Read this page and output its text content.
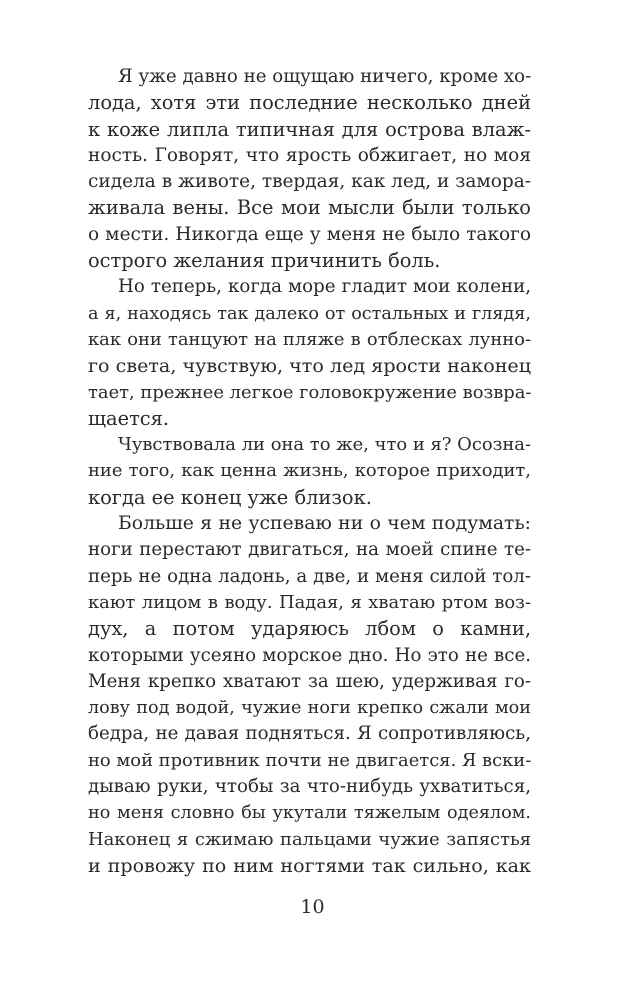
Я уже давно не ощущаю ничего, кроме хо-
лода, хотя эти последние несколько дней
к коже липла типичная для острова влаж-
ность. Говорят, что ярость обжигает, но моя
сидела в животе, твердая, как лед, и замора-
живала вены. Все мои мысли были только
о мести. Никогда еще у меня не было такого
острого желания причинить боль.
Но теперь, когда море гладит мои колени,
а я, находясь так далеко от остальных и глядя,
как они танцуют на пляже в отблесках лунно-
го света, чувствую, что лед ярости наконец
тает, прежнее легкое головокружение возвра-
щается.
Чувствовала ли она то же, что и я? Осозна-
ние того, как ценна жизнь, которое приходит,
когда ее конец уже близок.
Больше я не успеваю ни о чем подумать:
ноги перестают двигаться, на моей спине те-
перь не одна ладонь, а две, и меня силой тол-
кают лицом в воду. Падая, я хватаю ртом воз-
дух, а потом ударяюсь лбом о камни,
которыми усеяно морское дно. Но это не все.
Меня крепко хватают за шею, удерживая го-
лову под водой, чужие ноги крепко сжали мои
бедра, не давая подняться. Я сопротивляюсь,
но мой противник почти не двигается. Я вски-
дываю руки, чтобы за что-нибудь ухватиться,
но меня словно бы укутали тяжелым одеялом.
Наконец я сжимаю пальцами чужие запястья
и провожу по ним ногтями так сильно, как
10
